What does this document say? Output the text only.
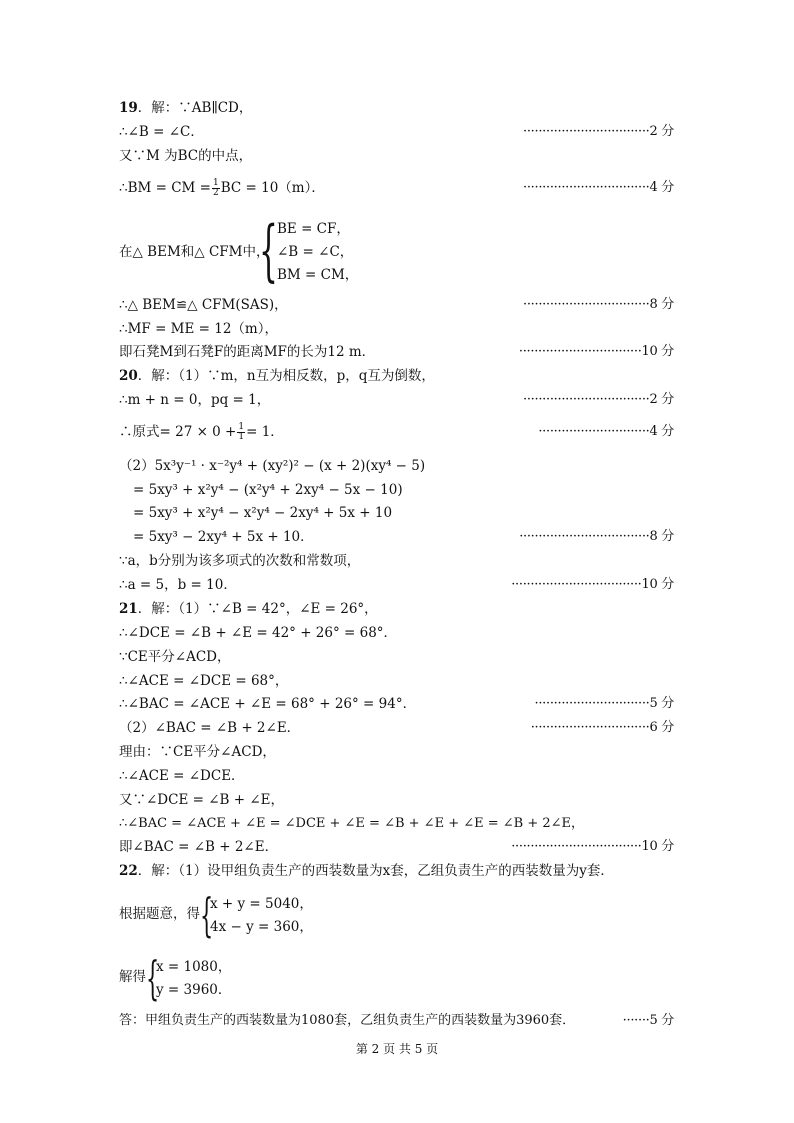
19．解：∵AB∥CD，
∴∠B = ∠C．	·································2 分
又∵M 为BC的中点，
∴BM = CM = $\frac{1}{2}$ BC = 10（m）．	·································4 分
在△ BEM和△ CFM中，
{ BE = CF，
∠B = ∠C，
BM = CM，
∴△ BEM≌△ CFM(SAS)，	·································8 分
∴MF = ME = 12（m），
即石凳M到石凳F的距离MF的长为12 m．	································10 分
20．解：（1）∵m，n互为相反数，p，q互为倒数，
∴m + n = 0，pq = 1，	·································2 分
∴原式= $27 \times 0 + \frac{1}{1} = 1$．	·····························4 分
（2）5x³y⁻¹ · x⁻²y⁴ + (xy²)² − (x + 2)(xy⁴ − 5)
= 5xy³ + x²y⁴ − (x²y⁴ + 2xy⁴ − 5x − 10)
= 5xy³ + x²y⁴ − x²y⁴ − 2xy⁴ + 5x + 10
= 5xy³ − 2xy⁴ + 5x + 10．	··································8 分
∵a，b分别为该多项式的次数和常数项，
∴a = 5，b = 10．	··································10 分
21．解：（1）∵∠B = 42°，∠E = 26°，
∴∠DCE = ∠B + ∠E = 42° + 26° = 68°．
∵CE平分∠ACD，
∴∠ACE = ∠DCE = 68°，
∴∠BAC = ∠ACE + ∠E = 68° + 26° = 94°．	······························5 分
（2）∠BAC = ∠B + 2∠E．	·······························6 分
理由：∵CE平分∠ACD，
∴∠ACE = ∠DCE．
又∵∠DCE = ∠B + ∠E，
∴∠BAC = ∠ACE + ∠E = ∠DCE + ∠E = ∠B + ∠E + ∠E = ∠B + 2∠E，
即∠BAC = ∠B + 2∠E．	··································10 分
22．解：（1）设甲组负责生产的西装数量为x套，乙组负责生产的西装数量为y套．
根据题意，得 {
x + y = 5040，
4x − y = 360，
解得 {
x = 1080，
y = 3960．
答：甲组负责生产的西装数量为1080套，乙组负责生产的西装数量为3960套．	·······5 分
第 2 页 共 5 页
